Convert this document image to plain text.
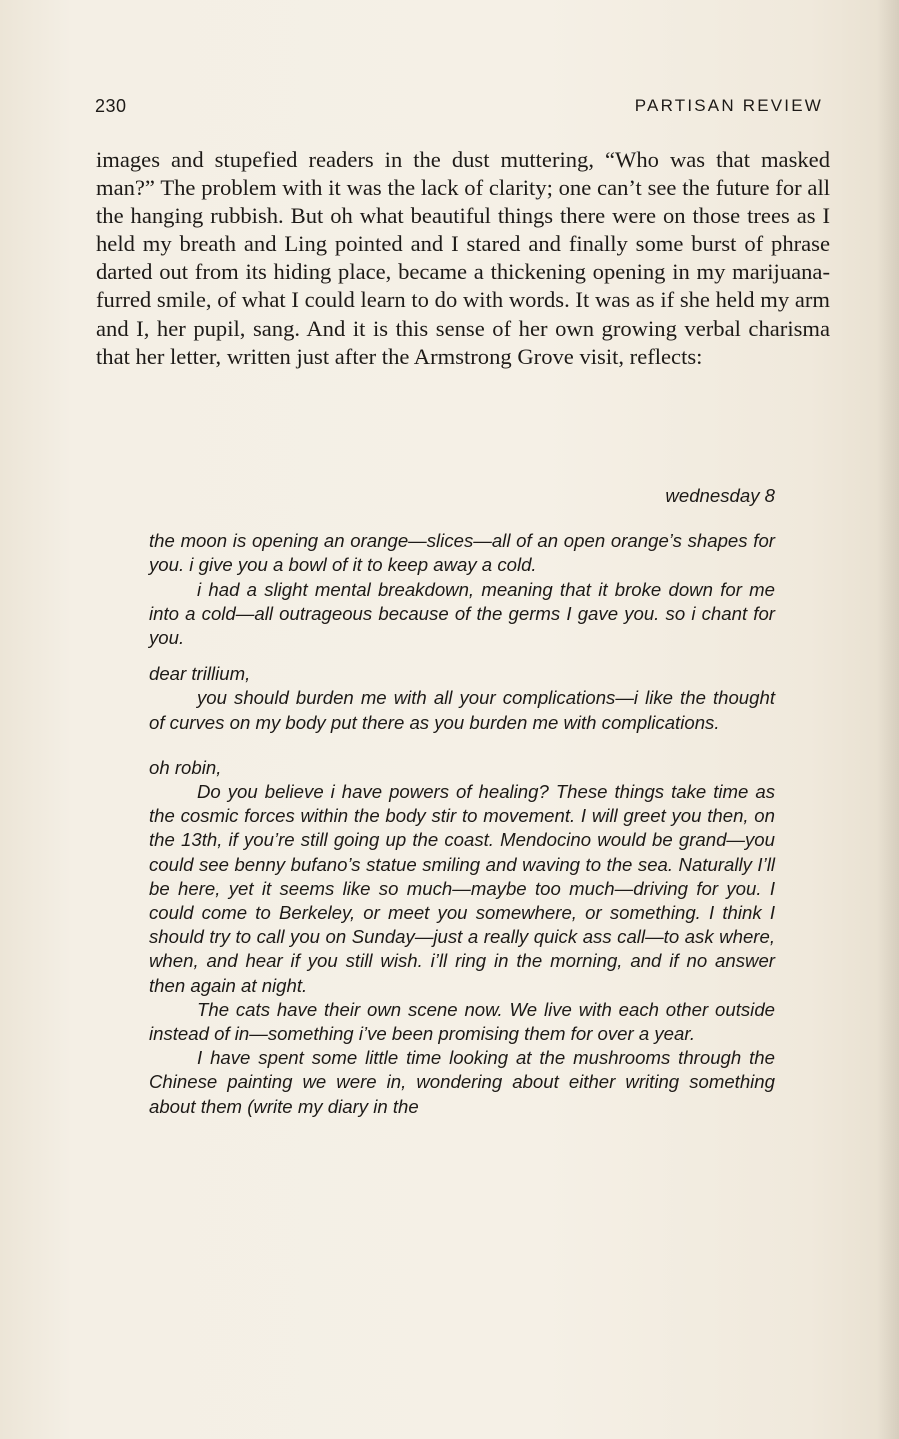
230	PARTISAN REVIEW

images and stupefied readers in the dust muttering, “Who was that masked man?” The problem with it was the lack of clarity; one can’t see the future for all the hanging rubbish. But oh what beautiful things there were on those trees as I held my breath and Ling pointed and I stared and finally some burst of phrase darted out from its hiding place, became a thickening opening in my marijuana-furred smile, of what I could learn to do with words. It was as if she held my arm and I, her pupil, sang. And it is this sense of her own growing verbal charisma that her letter, written just after the Armstrong Grove visit, reflects:

wednesday 8

the moon is opening an orange—slices—all of an open orange’s shapes for you. i give you a bowl of it to keep away a cold.

i had a slight mental breakdown, meaning that it broke down for me into a cold—all outrageous because of the germs I gave you. so i chant for you.

dear trillium,

you should burden me with all your complications—i like the thought of curves on my body put there as you burden me with complications.

oh robin,

Do you believe i have powers of healing? These things take time as the cosmic forces within the body stir to movement. I will greet you then, on the 13th, if you’re still going up the coast. Mendocino would be grand—you could see benny bufano’s statue smiling and waving to the sea. Naturally I’ll be here, yet it seems like so much—maybe too much—driving for you. I could come to Berkeley, or meet you somewhere, or something. I think I should try to call you on Sunday—just a really quick ass call—to ask where, when, and hear if you still wish. i’ll ring in the morning, and if no answer then again at night.

The cats have their own scene now. We live with each other outside instead of in—something i’ve been promising them for over a year.

I have spent some little time looking at the mushrooms through the Chinese painting we were in, wondering about either writing something about them (write my diary in the
